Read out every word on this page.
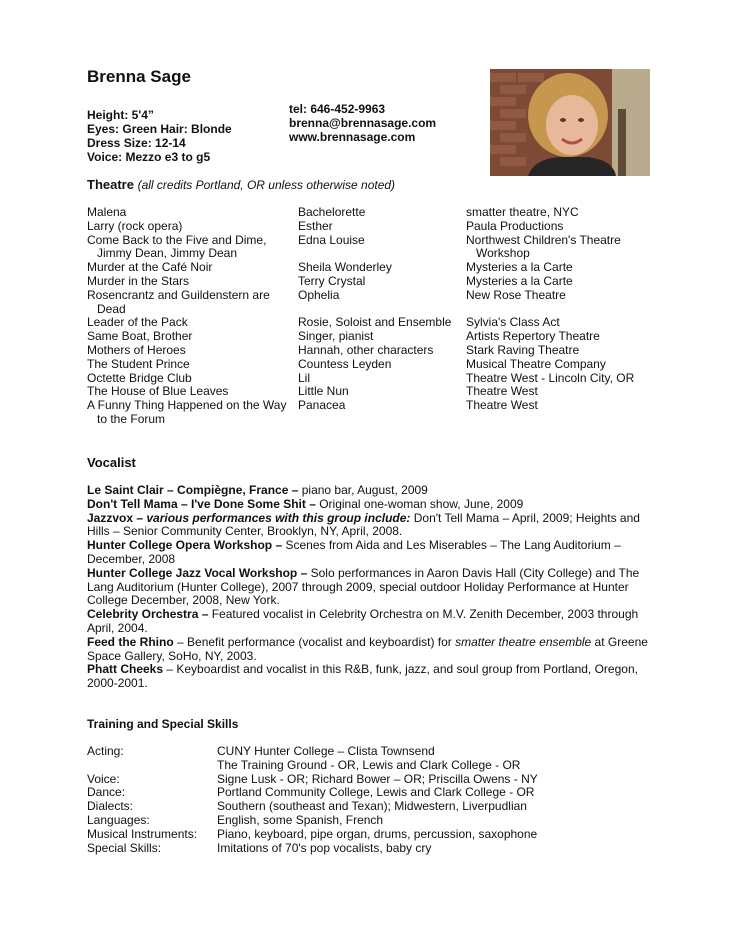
Brenna Sage
Height: 5'4”
Eyes: Green Hair: Blonde
Dress Size: 12-14
Voice: Mezzo e3 to g5
tel: 646-452-9963
brenna@brennasage.com
www.brennasage.com
Theatre (all credits Portland, OR unless otherwise noted)
Malena	Bachelorette	smatter theatre, NYC

Larry (rock opera)	Esther	Paula Productions

Come Back to the Five and Dime, Jimmy Dean, Jimmy Dean	Edna Louise	Northwest Children's Theatre Workshop

Murder at the Café Noir	Sheila Wonderley	Mysteries a la Carte

Murder in the Stars	Terry Crystal	Mysteries a la Carte

Rosencrantz and Guildenstern are Dead	Ophelia	New Rose Theatre

Leader of the Pack	Rosie, Soloist and Ensemble	Sylvia's Class Act

Same Boat, Brother	Singer, pianist	Artists Repertory Theatre

Mothers of Heroes	Hannah, other characters	Stark Raving Theatre

The Student Prince	Countess Leyden	Musical Theatre Company

Octette Bridge Club	Lil	Theatre West - Lincoln City, OR

The House of Blue Leaves	Little Nun	Theatre West

A Funny Thing Happened on the Way to the Forum	Panacea	Theatre West
Vocalist

Le Saint Clair – Compiègne, France – piano bar, August, 2009

Don't Tell Mama – I've Done Some Shit – Original one-woman show, June, 2009

Jazzvox – various performances with this group include: Don't Tell Mama – April, 2009; Heights and Hills – Senior Community Center, Brooklyn, NY, April, 2008.

Hunter College Opera Workshop – Scenes from Aida and Les Miserables – The Lang Auditorium – December, 2008

Hunter College Jazz Vocal Workshop – Solo performances in Aaron Davis Hall (City College) and The Lang Auditorium (Hunter College), 2007 through 2009, special outdoor Holiday Performance at Hunter College December, 2008, New York.

Celebrity Orchestra – Featured vocalist in Celebrity Orchestra on M.V. Zenith December, 2003 through April, 2004.

Feed the Rhino – Benefit performance (vocalist and keyboardist) for smatter theatre ensemble at Greene Space Gallery, SoHo, NY, 2003.

Phatt Cheeks – Keyboardist and vocalist in this R&B, funk, jazz, and soul group from Portland, Oregon, 2000-2001.

Training and Special Skills
Acting:	CUNY Hunter College – Clista Townsend
	The Training Ground - OR, Lewis and Clark College - OR
Voice:	Signe Lusk - OR; Richard Bower – OR; Priscilla Owens - NY
Dance:	Portland Community College, Lewis and Clark College - OR
Dialects:	Southern (southeast and Texan); Midwestern, Liverpudlian
Languages:	English, some Spanish, French
Musical Instruments:	Piano, keyboard, pipe organ, drums, percussion, saxophone
Special Skills:	Imitations of 70's pop vocalists, baby cry
